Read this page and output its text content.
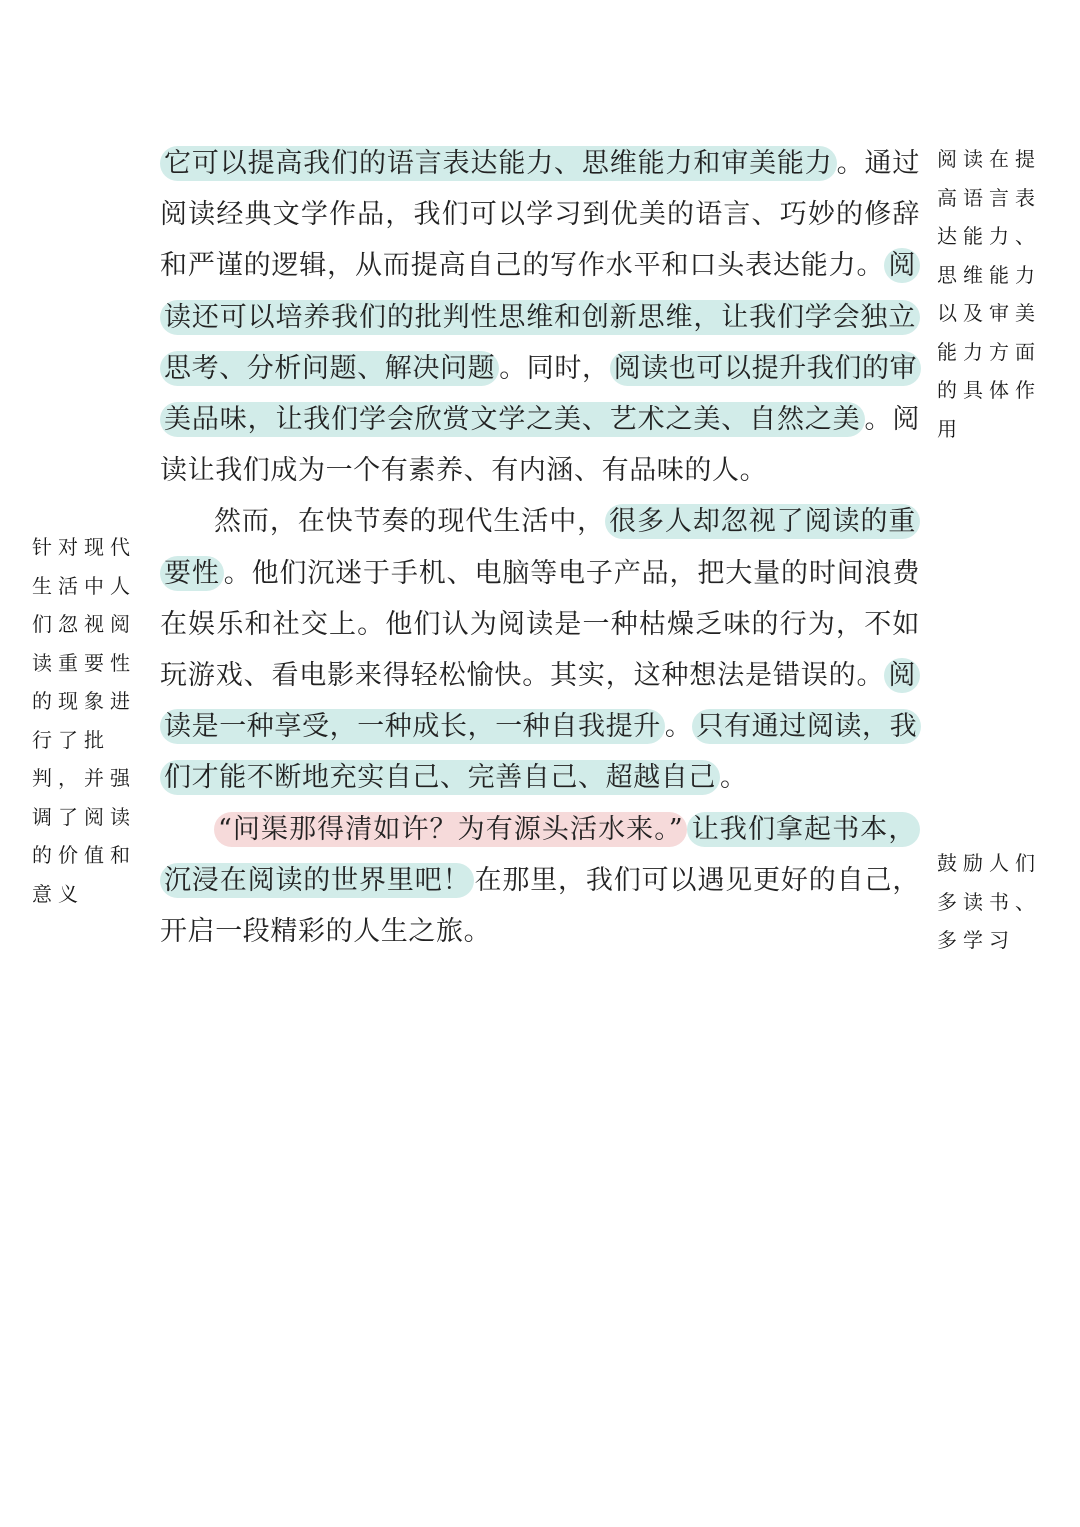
它可以提高我们的语言表达能力、思维能力和审美能力 。通过阅读经典文学作品，我们可以学习到优美的语言、巧妙的修辞和严谨的逻辑，从而提高自己的写作水平和口头表达能力。 阅读还可以培养我们的批判性思维和创新思维，让我们学会独立思考、分析问题、解决问题 。同时， 阅读也可以提升我们的审美品味，让我们学会欣赏文学之美、艺术之美、自然之美 。阅读让我们成为一个有素养、有内涵、有品味的人。

然而，在快节奏的现代生活中， 很多人却忽视了阅读的重要性 。他们沉迷于手机、电脑等电子产品，把大量的时间浪费在娱乐和社交上。他们认为阅读是一种枯燥乏味的行为，不如玩游戏、看电影来得轻松愉快。其实，这种想法是错误的。 阅读是一种享受，一种成长，一种自我提升 。 只有通过阅读，我们才能不断地充实自己、完善自己、超越自己 。

“问渠那得清如许？为有源头活水来。” 让我们拿起书本，沉浸在阅读的世界里吧！ 在那里，我们可以遇见更好的自己，开启一段精彩的人生之旅。

阅读在提高语言表达能力、思维能力以及审美能力方面的具体作用
针对现代生活中人们忽视阅读重要性的现象进行了批判，并强调了阅读的价值和意义
鼓励人们多读书、多学习
